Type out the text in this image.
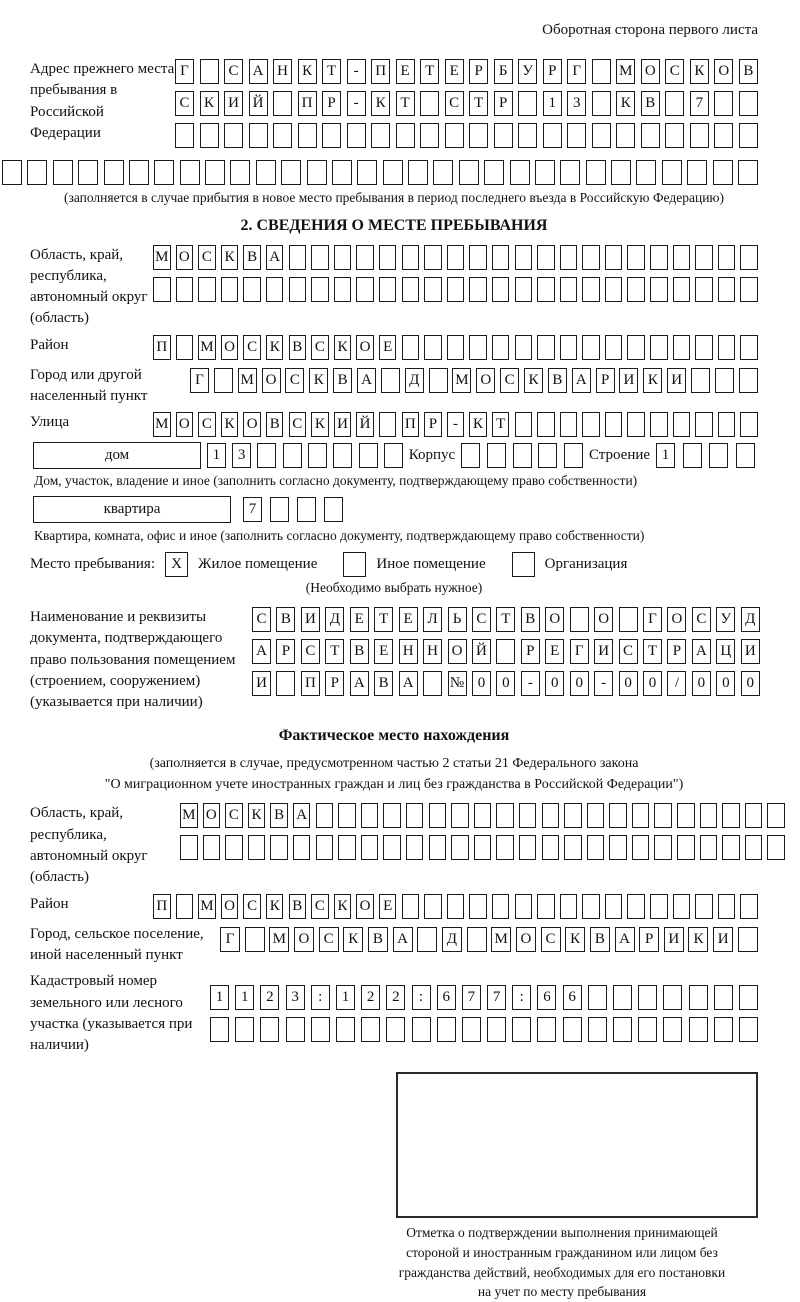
Оборотная сторона первого листа
Адрес прежнего места пребывания в Российской Федерации
Г	С А Н К Т	-	П Е	Т	Е	Р	Б У	Р	Г	М О С К О В
С К И Й	П Р	-	К Т	С Т	Р	1	3	К В	7
(заполняется в случае прибытия в новое место пребывания в период последнего въезда в Российскую Федерацию)
2. СВЕДЕНИЯ О МЕСТЕ ПРЕБЫВАНИЯ
Область, край, республика, автономный округ (область)
М О С К В А
Район	П М О С К В С К О Е
Город или другой населенный пункт
Г	М О С К В А Д М О С К В А Р И К И
Улица	М О С К О В С К И Й П Р	-	К Т
дом	1	3	Корпус	Строение 1
Дом, участок, владение и иное (заполнить согласно документу, подтверждающему право собственности)
квартира	7
Квартира, комната, офис и иное (заполнить согласно документу, подтверждающему право собственности)
Место пребывания:	X	Жилое помещение	Иное помещение	Организация
(Необходимо выбрать нужное)
Наименование и реквизиты документа, подтверждающего право пользования помещением (строением, сооружением) (указывается при наличии)
С В И Д Е	Т	Е Л	Ь	С Т В О	О	Г О С У Д
А Р	С Т В Е Н Н О Й	Р	Е	Г И С Т	Р А Ц И
И	П Р А В А № 0	0	-	0	0	-	0	0	/	0	0	0
Фактическое место нахождения
(заполняется в случае, предусмотренном частью 2 статьи 21 Федерального закона
"О миграционном учете иностранных граждан и лиц без гражданства в Российской Федерации")
Область, край, республика, автономный округ (область)
М О С К В А
Район	П М О С К В С К О Е
Город, сельское поселение, иной населенный пункт
Г	М О С К В А	Д	М О С К В А	Р	И К И
Кадастровый номер земельного или лесного участка (указывается при наличии)
1	1	2	3	:	1	2	2	:	6	7	7	:	6	6
Отметка о подтверждении выполнения принимающей
стороной и иностранным гражданином или лицом без
гражданства действий, необходимых для его постановки
на учет по месту пребывания
